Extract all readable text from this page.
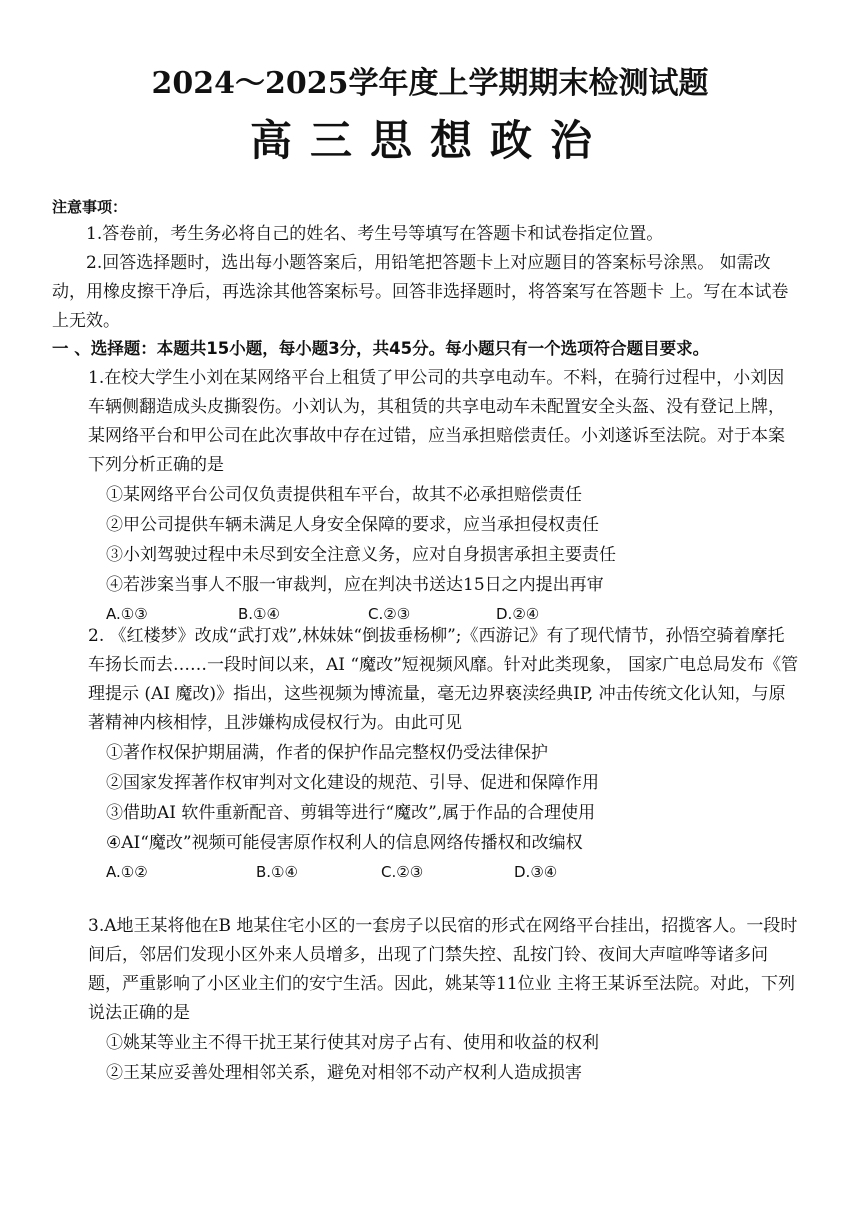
2024～2025学年度上学期期末检测试题
高三思想政治
注意事项：
1.答卷前，考生务必将自己的姓名、考生号等填写在答题卡和试卷指定位置。
2.回答选择题时，选出每小题答案后，用铅笔把答题卡上对应题目的答案标号涂黑。 如需改动，用橡皮擦干净后，再选涂其他答案标号。回答非选择题时，将答案写在答题卡 上。写在本试卷上无效。
一 、选择题：本题共15小题，每小题3分，共45分。每小题只有一个选项符合题目要求。
1.在校大学生小刘在某网络平台上租赁了甲公司的共享电动车。不料，在骑行过程中，小刘因车辆侧翻造成头皮撕裂伤。小刘认为，其租赁的共享电动车未配置安全头盔、没有登记上牌，某网络平台和甲公司在此次事故中存在过错，应当承担赔偿责任。小刘遂诉至法院。对于本案下列分析正确的是
①某网络平台公司仅负责提供租车平台，故其不必承担赔偿责任
②甲公司提供车辆未满足人身安全保障的要求，应当承担侵权责任
③小刘驾驶过程中未尽到安全注意义务，应对自身损害承担主要责任
④若涉案当事人不服一审裁判，应在判决书送达15日之内提出再审
A.①③	B.①④	C.②③	D.②④
2. 《红楼梦》改成“武打戏”,林妹妹“倒拔垂杨柳”;《西游记》有了现代情节，孙悟空骑着摩托车扬长而去……一段时间以来，AI “魔改”短视频风靡。针对此类现象， 国家广电总局发布《管理提示 (AI 魔改)》指出，这些视频为博流量，毫无边界亵渎经典IP, 冲击传统文化认知，与原著精神内核相悖，且涉嫌构成侵权行为。由此可见
①著作权保护期届满，作者的保护作品完整权仍受法律保护
②国家发挥著作权审判对文化建设的规范、引导、促进和保障作用
③借助AI 软件重新配音、剪辑等进行“魔改”,属于作品的合理使用
④AI“魔改”视频可能侵害原作权利人的信息网络传播权和改编权
A.①②	B.①④	C.②③	D.③④
3.A地王某将他在B 地某住宅小区的一套房子以民宿的形式在网络平台挂出，招揽客人。一段时间后，邻居们发现小区外来人员增多，出现了门禁失控、乱按门铃、夜间大声喧哗等诸多问题，严重影响了小区业主们的安宁生活。因此，姚某等11位业 主将王某诉至法院。对此，下列说法正确的是
①姚某等业主不得干扰王某行使其对房子占有、使用和收益的权利
②王某应妥善处理相邻关系，避免对相邻不动产权利人造成损害
